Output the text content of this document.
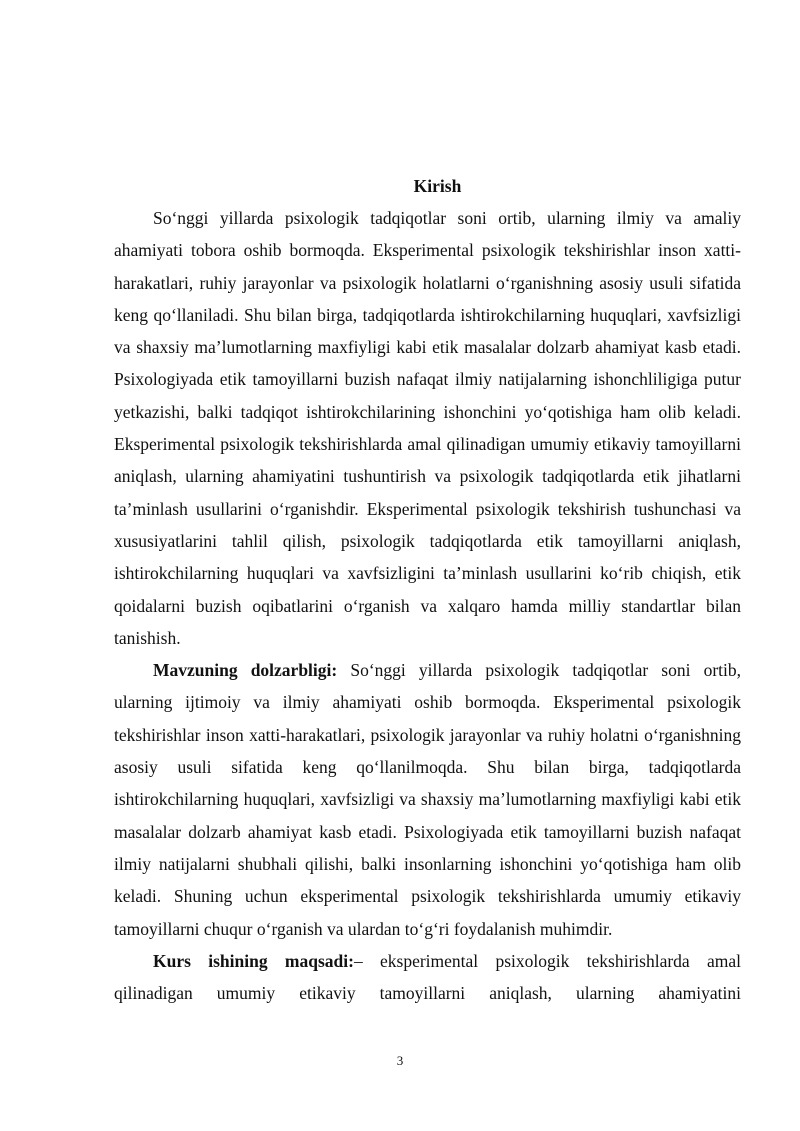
Kirish

So‘nggi yillarda psixologik tadqiqotlar soni ortib, ularning ilmiy va amaliy ahamiyati tobora oshib bormoqda. Eksperimental psixologik tekshirishlar inson xatti-harakatlari, ruhiy jarayonlar va psixologik holatlarni o‘rganishning asosiy usuli sifatida keng qo‘llaniladi. Shu bilan birga, tadqiqotlarda ishtirokchilarning huquqlari, xavfsizligi va shaxsiy ma’lumotlarning maxfiyligi kabi etik masalalar dolzarb ahamiyat kasb etadi. Psixologiyada etik tamoyillarni buzish nafaqat ilmiy natijalarning ishonchliligiga putur yetkazishi, balki tadqiqot ishtirokchilarining ishonchini yo‘qotishiga ham olib keladi. Eksperimental psixologik tekshirishlarda amal qilinadigan umumiy etikaviy tamoyillarni aniqlash, ularning ahamiyatini tushuntirish va psixologik tadqiqotlarda etik jihatlarni ta’minlash usullarini o‘rganishdir. Eksperimental psixologik tekshirish tushunchasi va xususiyatlarini tahlil qilish, psixologik tadqiqotlarda etik tamoyillarni aniqlash, ishtirokchilarning huquqlari va xavfsizligini ta’minlash usullarini ko‘rib chiqish, etik qoidalarni buzish oqibatlarini o‘rganish va xalqaro hamda milliy standartlar bilan tanishish.

Mavzuning dolzarbligi: So‘nggi yillarda psixologik tadqiqotlar soni ortib, ularning ijtimoiy va ilmiy ahamiyati oshib bormoqda. Eksperimental psixologik tekshirishlar inson xatti-harakatlari, psixologik jarayonlar va ruhiy holatni o‘rganishning asosiy usuli sifatida keng qo‘llanilmoqda. Shu bilan birga, tadqiqotlarda ishtirokchilarning huquqlari, xavfsizligi va shaxsiy ma’lumotlarning maxfiyligi kabi etik masalalar dolzarb ahamiyat kasb etadi. Psixologiyada etik tamoyillarni buzish nafaqat ilmiy natijalarni shubhali qilishi, balki insonlarning ishonchini yo‘qotishiga ham olib keladi. Shuning uchun eksperimental psixologik tekshirishlarda umumiy etikaviy tamoyillarni chuqur o‘rganish va ulardan to‘g‘ri foydalanish muhimdir.

Kurs ishining maqsadi:– eksperimental psixologik tekshirishlarda amal qilinadigan umumiy etikaviy tamoyillarni aniqlash, ularning ahamiyatini

3
